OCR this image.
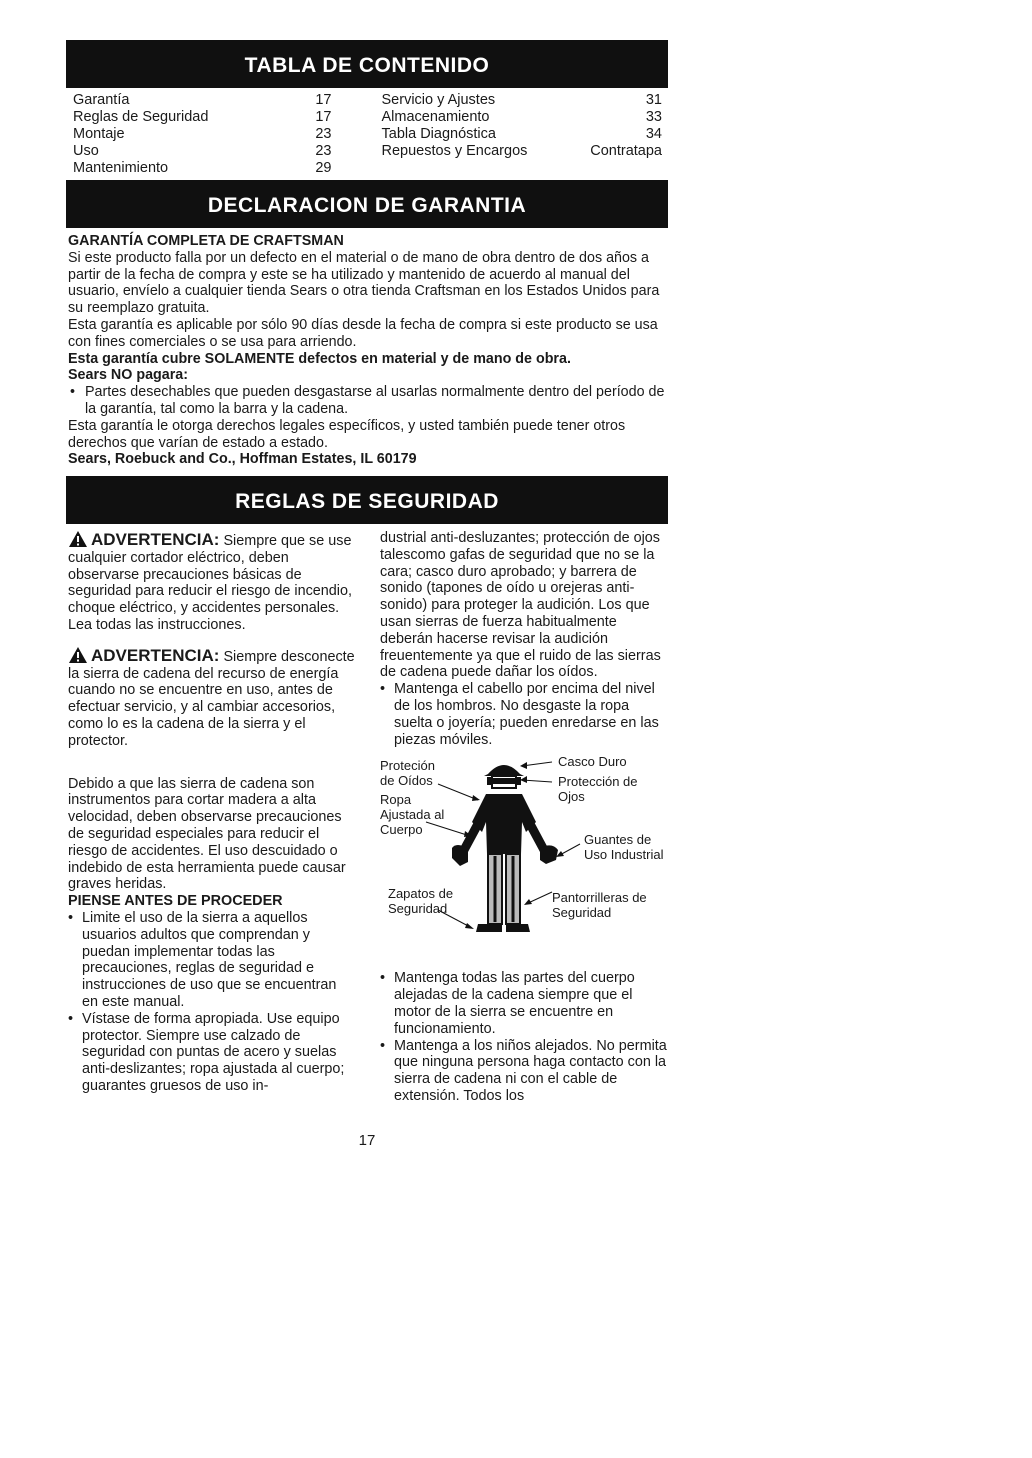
TABLA DE CONTENIDO
Garantía	17
Reglas de Seguridad	17
Montaje	23
Uso	23
Mantenimiento	29
Servicio y Ajustes	31
Almacenamiento	33
Tabla Diagnóstica	34
Repuestos y Encargos	Contratapa
DECLARACION DE GARANTIA

GARANTÍA COMPLETA DE CRAFTSMAN

Si este producto falla por un defecto en el material o de mano de obra dentro de dos años a partir de la fecha de compra y este se ha utilizado y mantenido de acuerdo al manual del usuario, envíelo a cualquier tienda Sears o otra tienda Craftsman en los Estados Unidos para su reemplazo gratuita.

Esta garantía es aplicable por sólo 90 días desde la fecha de compra si este producto se usa con fines comerciales o se usa para arriendo.

Esta garantía cubre SOLAMENTE defectos en material y de mano de obra.

Sears NO pagara:

• Partes desechables que pueden desgastarse al usarlas normalmente dentro del período de la garantía, tal como la barra y la cadena.

Esta garantía le otorga derechos legales específicos, y usted también puede tener otros derechos que varían de estado a estado.

Sears, Roebuck and Co., Hoffman Estates, IL 60179

REGLAS DE SEGURIDAD

ADVERTENCIA: Siempre que se use cualquier cortador eléctrico, deben observarse precauciones básicas de seguridad para reducir el riesgo de incendio, choque eléctrico, y accidentes personales. Lea todas las instrucciones.

ADVERTENCIA: Siempre desconecte la sierra de cadena del recurso de energía cuando no se encuentre en uso, antes de efectuar servicio, y al cambiar accesorios, como lo es la cadena de la sierra y el protector.

Debido a que las sierra de cadena son instrumentos para cortar madera a alta velocidad, deben observarse precauciones de seguridad especiales para reducir el riesgo de accidentes. El uso descuidado o indebido de esta herramienta puede causar graves heridas.

PIENSE ANTES DE PROCEDER

• Limite el uso de la sierra a aquellos usuarios adultos que comprendan y puedan implementar todas las precauciones, reglas de seguridad e instrucciones de uso que se encuentran en este manual.
• Vístase de forma apropiada. Use equipo protector. Siempre use calzado de seguridad con puntas de acero y suelas anti-deslizantes; ropa ajustada al cuerpo; guarantes gruesos de uso in-

dustrial anti-desluzantes; protección de ojos talescomo gafas de seguridad que no se la cara; casco duro aprobado; y barrera de sonido (tapones de oído u orejeras anti-sonido) para proteger la audición. Los que usan sierras de fuerza habitualmente deberán hacerse revisar la audición freuentemente ya que el ruido de las sierras de cadena puede dañar los oídos.

• Mantenga el cabello por encima del nivel de los hombros. No desgaste la ropa suelta o joyería; pueden enredarse en las piezas móviles.
Proteción de Oídos
Casco Duro
Protección de Ojos
Ropa Ajustada al Cuerpo
Guantes de Uso Industrial
Zapatos de Seguridad
Pantorrilleras de Seguridad
• Mantenga todas las partes del cuerpo alejadas de la cadena siempre que el motor de la sierra se encuentre en funcionamiento.
• Mantenga a los niños alejados. No permita que ninguna persona haga contacto con la sierra de cadena ni con el cable de extensión. Todos los
17
